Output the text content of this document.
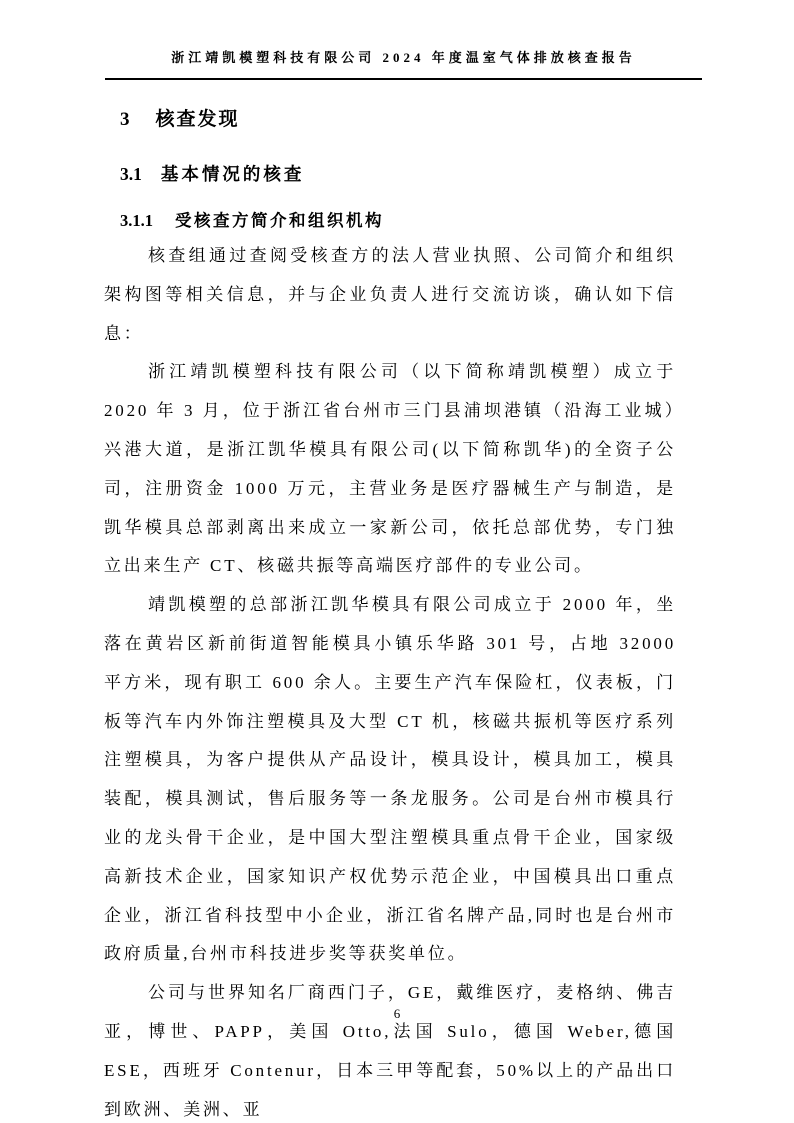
浙江靖凯模塑科技有限公司 2024 年度温室气体排放核查报告
3 核查发现
3.1 基本情况的核查
3.1.1 受核查方简介和组织机构

核查组通过查阅受核查方的法人营业执照、公司简介和组织架构图等相关信息，并与企业负责人进行交流访谈，确认如下信息：

浙江靖凯模塑科技有限公司（以下简称靖凯模塑）成立于 2020 年 3 月，位于浙江省台州市三门县浦坝港镇（沿海工业城）兴港大道，是浙江凯华模具有限公司(以下简称凯华)的全资子公司，注册资金 1000 万元，主营业务是医疗器械生产与制造，是凯华模具总部剥离出来成立一家新公司，依托总部优势，专门独立出来生产 CT、核磁共振等高端医疗部件的专业公司。

靖凯模塑的总部浙江凯华模具有限公司成立于 2000 年，坐落在黄岩区新前街道智能模具小镇乐华路 301 号，占地 32000 平方米，现有职工 600 余人。主要生产汽车保险杠，仪表板，门板等汽车内外饰注塑模具及大型 CT 机，核磁共振机等医疗系列注塑模具，为客户提供从产品设计，模具设计，模具加工，模具装配，模具测试，售后服务等一条龙服务。公司是台州市模具行业的龙头骨干企业，是中国大型注塑模具重点骨干企业，国家级高新技术企业，国家知识产权优势示范企业，中国模具出口重点企业，浙江省科技型中小企业，浙江省名牌产品,同时也是台州市政府质量,台州市科技进步奖等获奖单位。

公司与世界知名厂商西门子，GE，戴维医疗，麦格纳、佛吉亚，博世、PAPP，美国 Otto,法国 Sulo，德国 Weber,德国 ESE，西班牙 Contenur，日本三甲等配套，50%以上的产品出口到欧洲、美洲、亚

6
